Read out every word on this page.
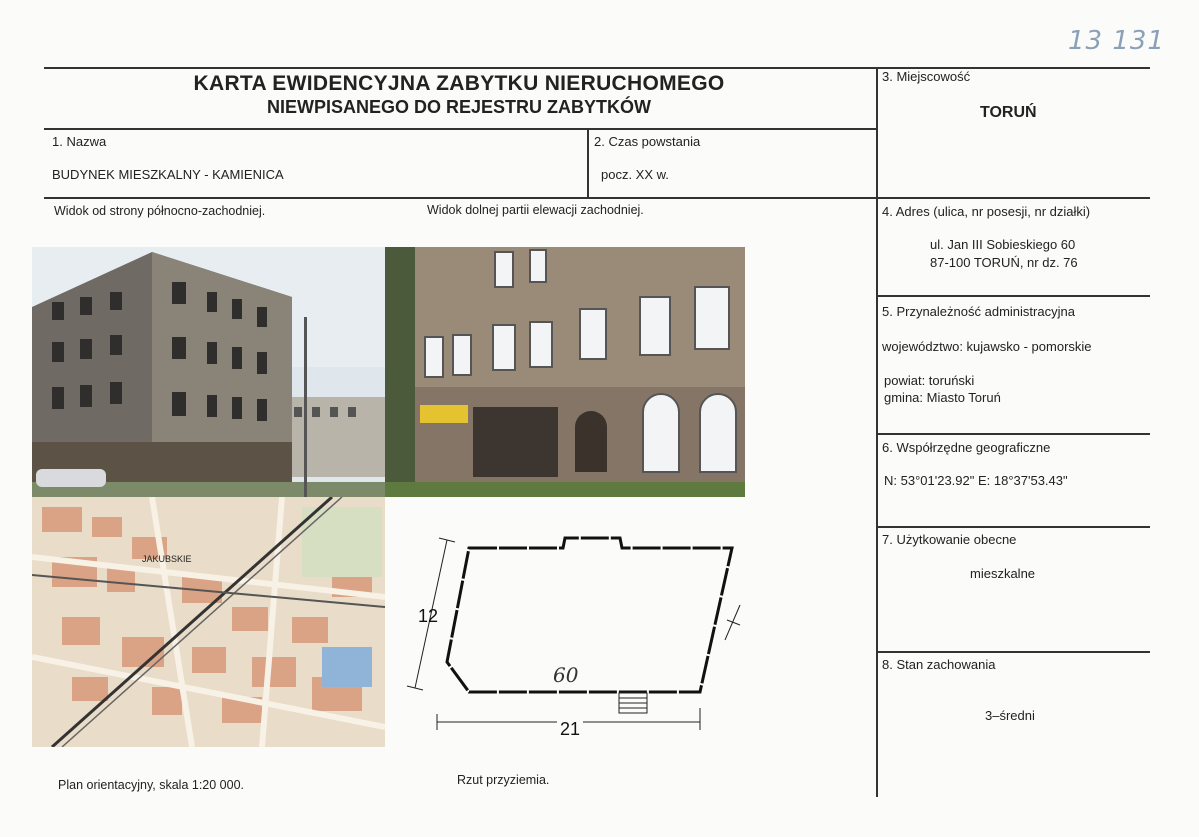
13 131
KARTA EWIDENCYJNA ZABYTKU NIERUCHOMEGO
NIEWPISANEGO DO REJESTRU ZABYTKÓW
1. Nazwa
BUDYNEK MIESZKALNY - KAMIENICA
2. Czas powstania
pocz. XX w.
3. Miejscowość
TORUŃ
4. Adres (ulica, nr posesji, nr działki)
ul. Jan III Sobieskiego 60
87-100 TORUŃ, nr dz. 76
5. Przynależność administracyjna
województwo: kujawsko - pomorskie
powiat: toruński
gmina: Miasto Toruń
6. Współrzędne geograficzne
N: 53°01'23.92" E: 18°37'53.43"
7. Użytkowanie obecne
mieszkalne
8. Stan zachowania
3–średni
Widok od strony północno-zachodniej.	Widok dolnej partii elewacji zachodniej.
Plan orientacyjny, skala 1:20 000.	Rzut przyziemia.
JAKUBSKIE
60
12
21
